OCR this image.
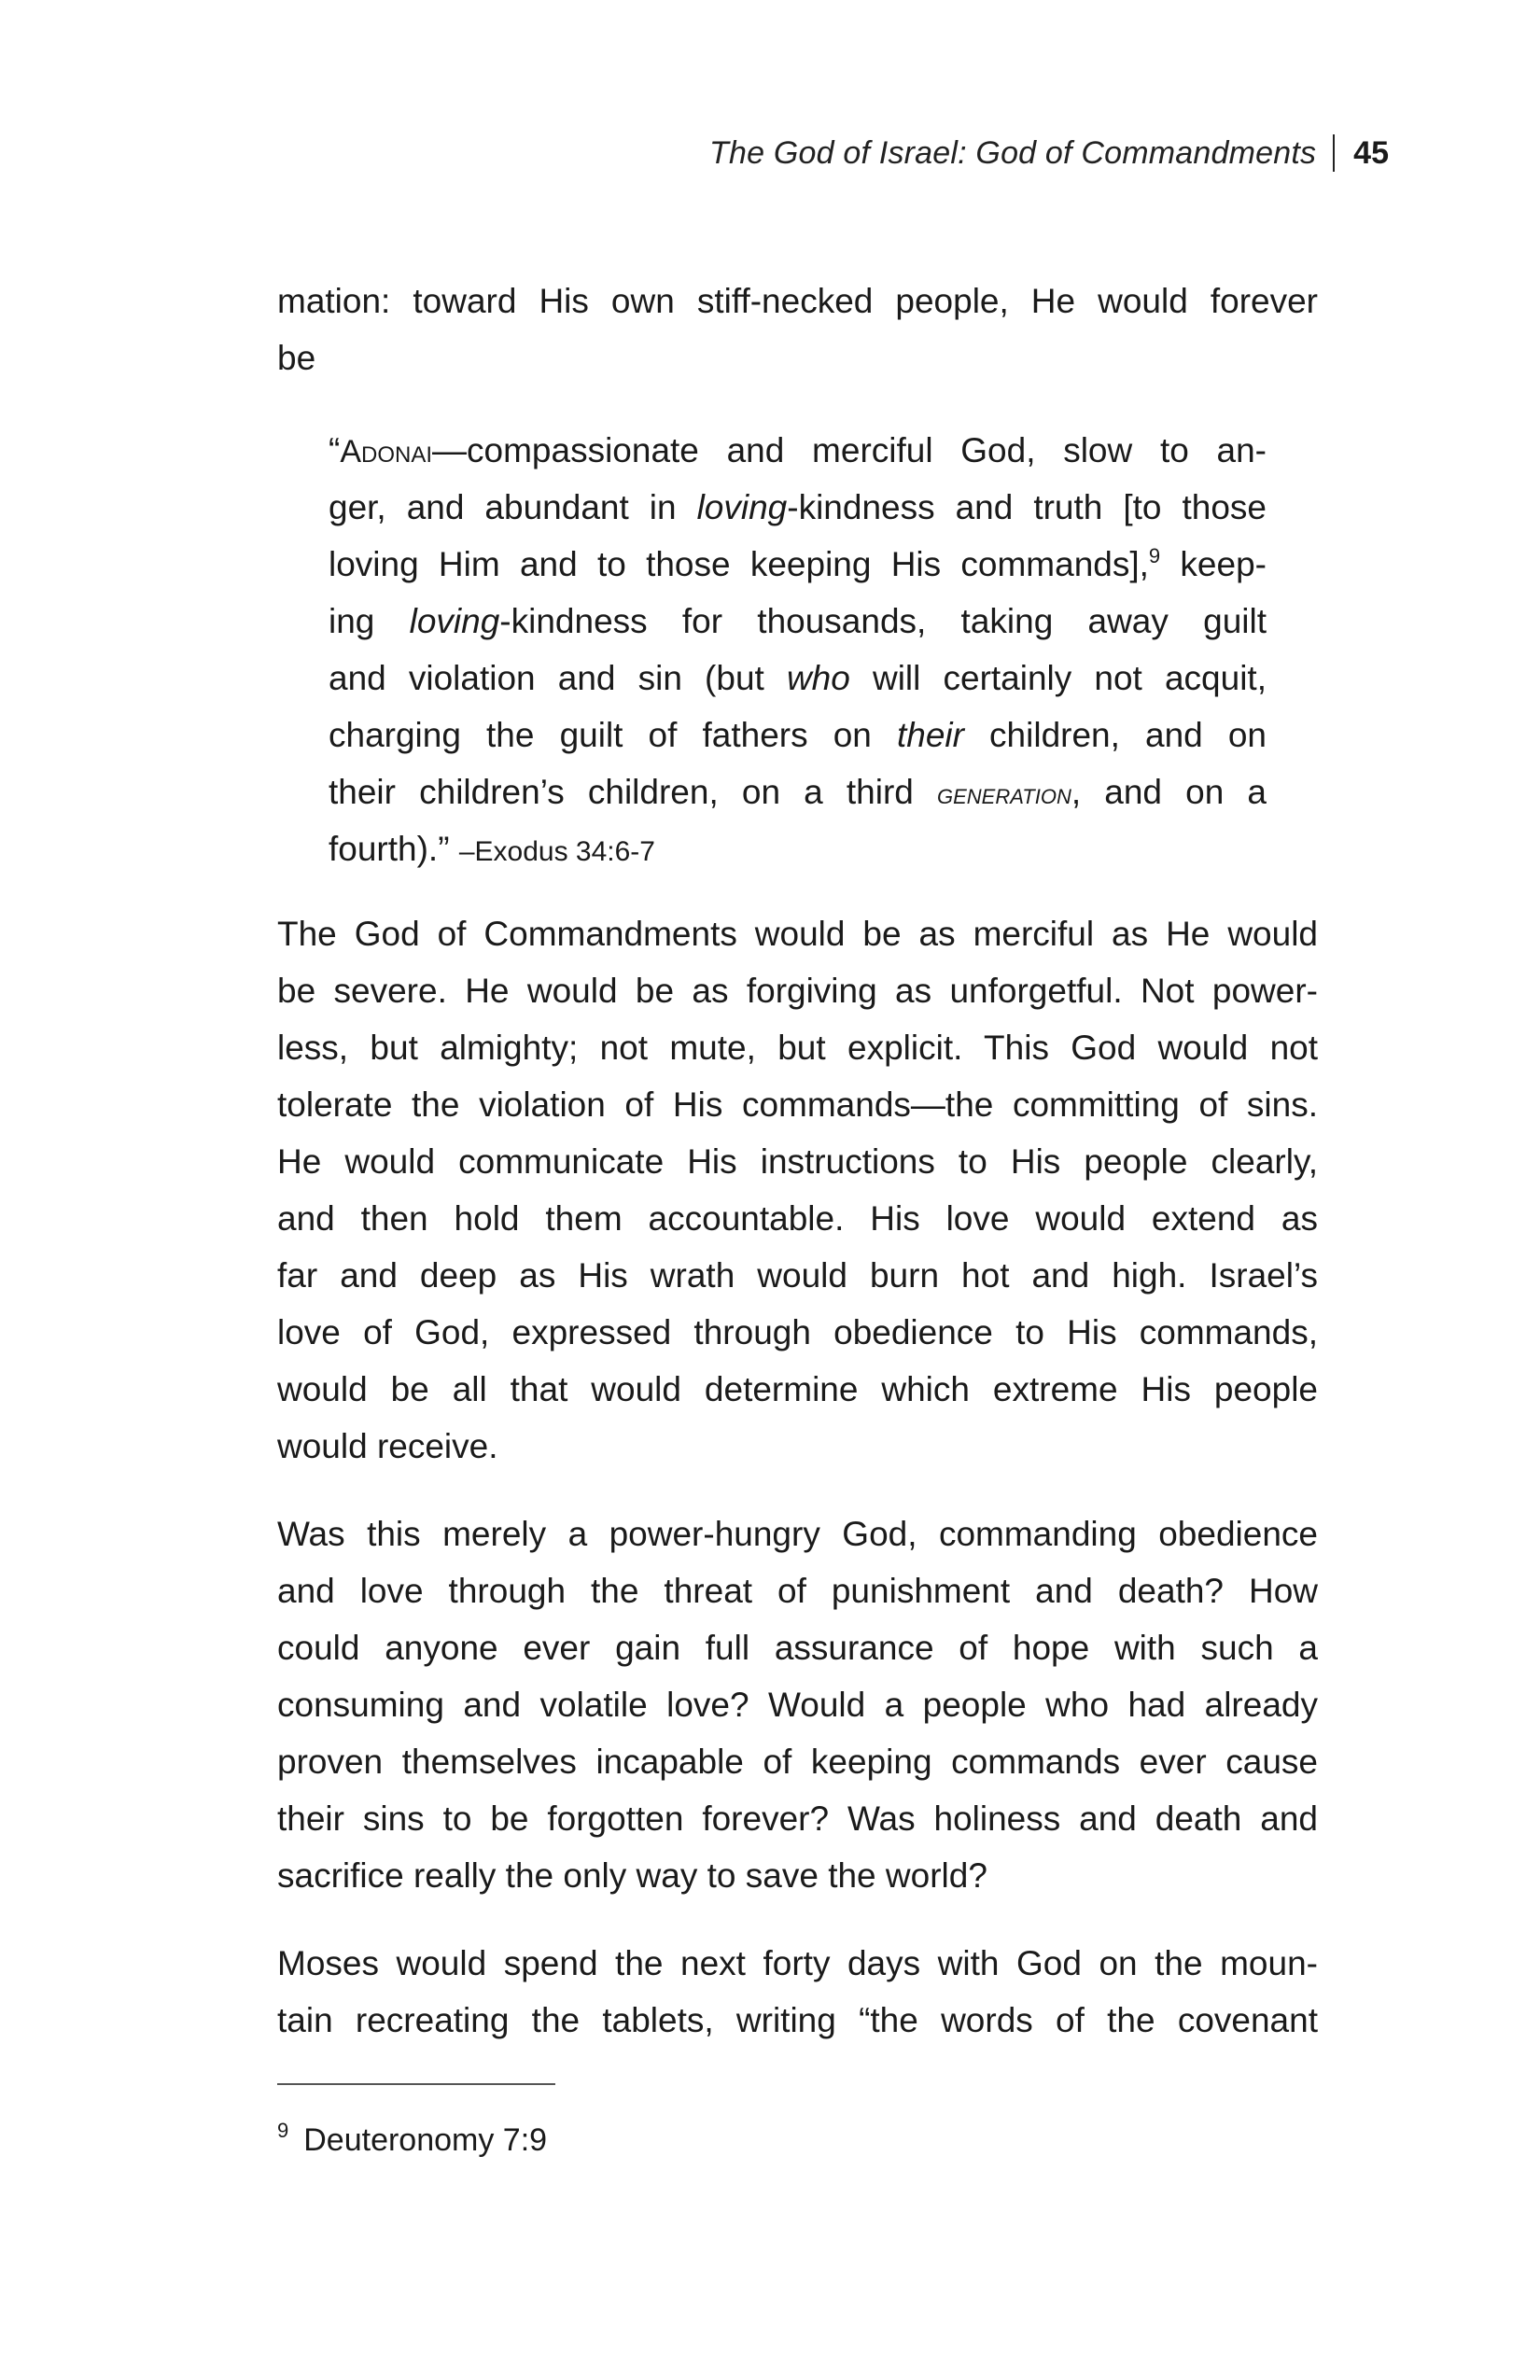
The God of Israel: God of Commandments 45
mation: toward His own stiff-necked people, He would forever
be
“Adonai—compassionate and merciful God, slow to an-
ger, and abundant in loving-kindness and truth [to those
loving Him and to those keeping His commands],$^9$ keep-
ing loving-kindness for thousands, taking away guilt
and violation and sin (but who will certainly not acquit,
charging the guilt of fathers on their children, and on
their children’s children, on a third generation, and on a
fourth).” –Exodus 34:6-7
The God of Commandments would be as merciful as He would
be severe. He would be as forgiving as unforgetful. Not power-
less, but almighty; not mute, but explicit. This God would not
tolerate the violation of His commands—the committing of sins.
He would communicate His instructions to His people clearly,
and then hold them accountable. His love would extend as
far and deep as His wrath would burn hot and high. Israel’s
love of God, expressed through obedience to His commands,
would be all that would determine which extreme His people
would receive.
Was this merely a power-hungry God, commanding obedience
and love through the threat of punishment and death? How
could anyone ever gain full assurance of hope with such a
consuming and volatile love? Would a people who had already
proven themselves incapable of keeping commands ever cause
their sins to be forgotten forever? Was holiness and death and
sacrifice really the only way to save the world?
Moses would spend the next forty days with God on the moun-
tain recreating the tablets, writing “the words of the covenant
$^9$ Deuteronomy 7:9
